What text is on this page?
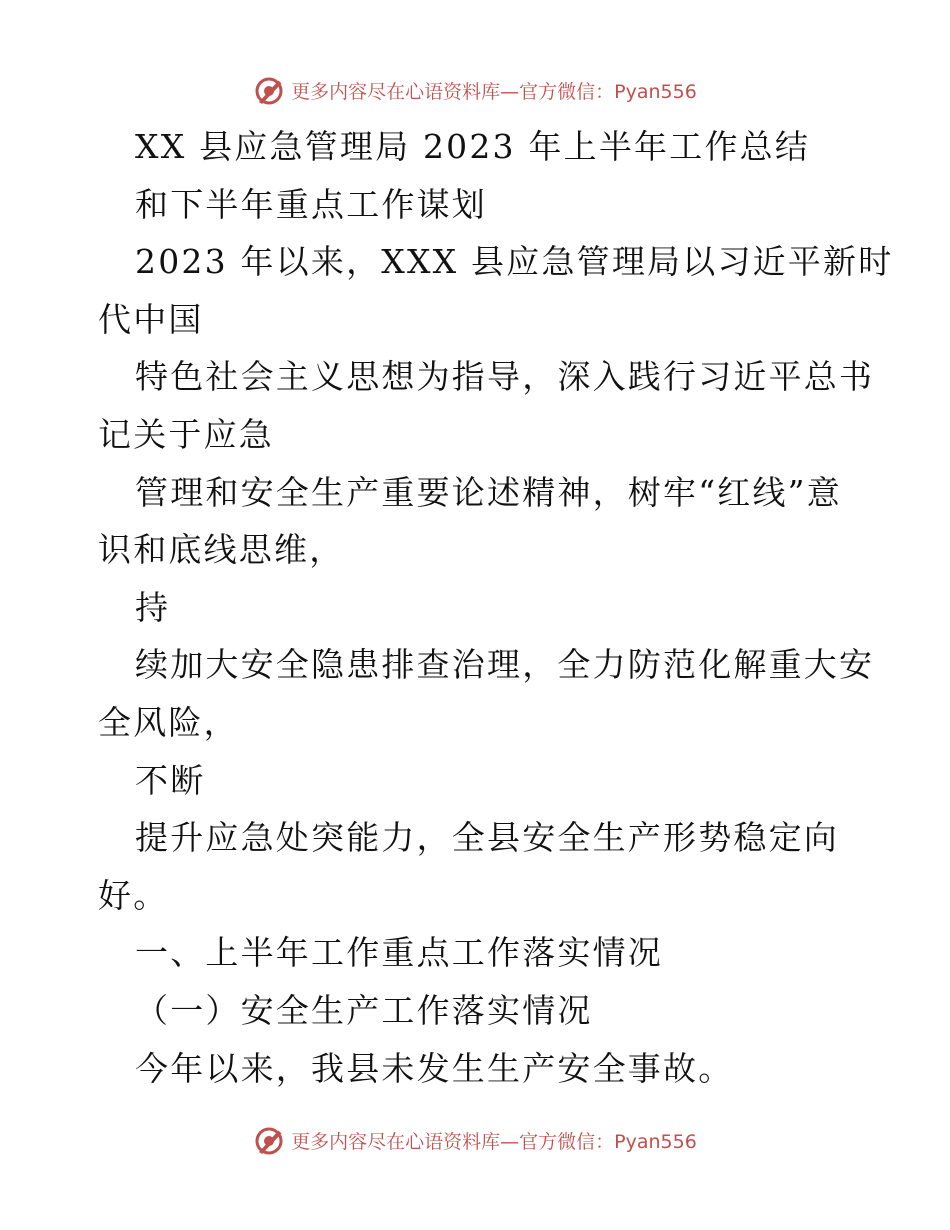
更多内容尽在心语资料库—官方微信：Pyan556
XX 县应急管理局 2023 年上半年工作总结
和下半年重点工作谋划
2023 年以来，XXX 县应急管理局以习近平新时
代中国
特色社会主义思想为指导，深入践行习近平总书
记关于应急
管理和安全生产重要论述精神，树牢“红线”意
识和底线思维，
持
续加大安全隐患排查治理，全力防范化解重大安
全风险，
不断
提升应急处突能力，全县安全生产形势稳定向
好。
一、上半年工作重点工作落实情况
（一）安全生产工作落实情况
今年以来，我县未发生生产安全事故。
更多内容尽在心语资料库—官方微信：Pyan556
